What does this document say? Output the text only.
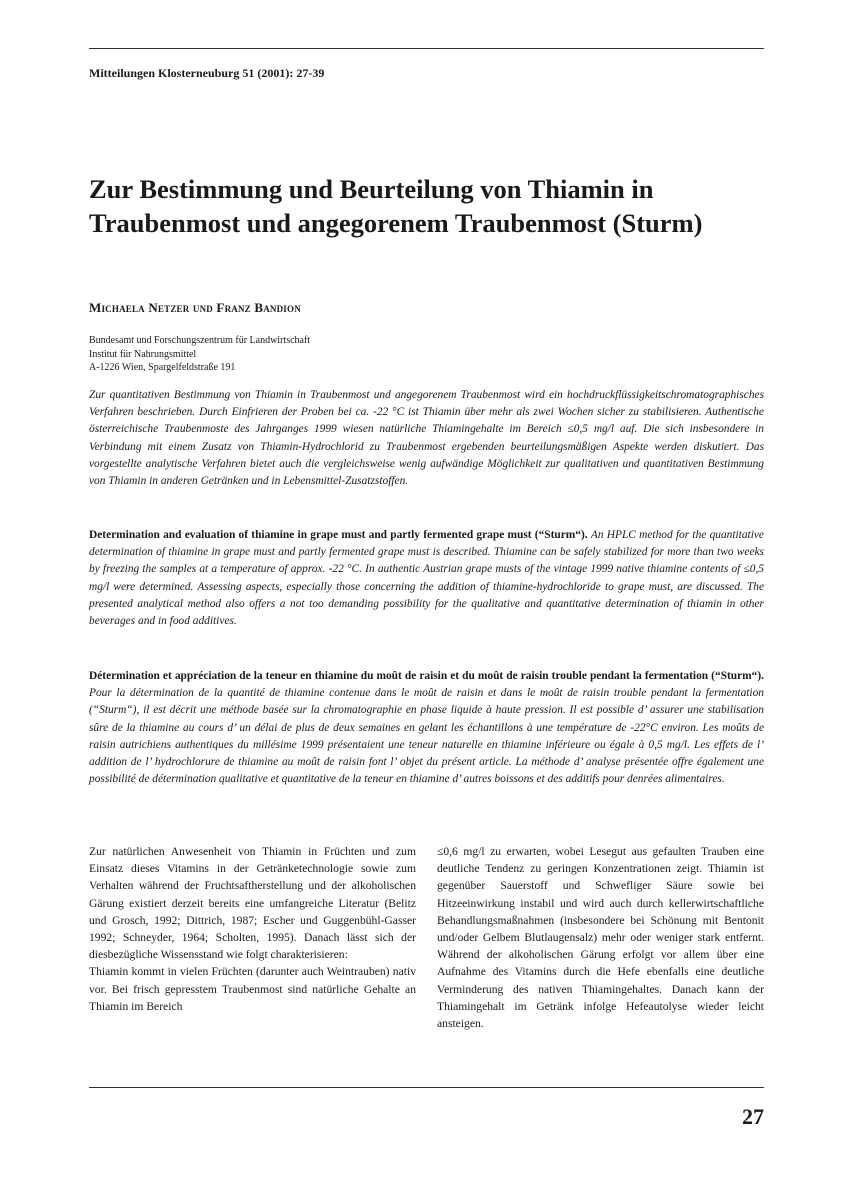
Mitteilungen Klosterneuburg 51 (2001): 27-39
Zur Bestimmung und Beurteilung von Thiamin in
Traubenmost und angegorenem Traubenmost (Sturm)
Michaela Netzer und Franz Bandion
Bundesamt und Forschungszentrum für Landwirtschaft
Institut für Nahrungsmittel
A-1226 Wien, Spargelfeldstraße 191

Zur quantitativen Bestimmung von Thiamin in Traubenmost und angegorenem Traubenmost wird ein hochdruckflüssigkeitschromatographisches Verfahren beschrieben. Durch Einfrieren der Proben bei ca. -22 °C ist Thiamin über mehr als zwei Wochen sicher zu stabilisieren. Authentische österreichische Traubenmoste des Jahrganges 1999 wiesen natürliche Thiamingehalte im Bereich ≤0,5 mg/l auf. Die sich insbesondere in Verbindung mit einem Zusatz von Thiamin-Hydrochlorid zu Traubenmost ergebenden beurteilungsmäßigen Aspekte werden diskutiert. Das vorgestellte analytische Verfahren bietet auch die vergleichsweise wenig aufwändige Möglichkeit zur qualitativen und quantitativen Bestimmung von Thiamin in anderen Getränken und in Lebensmittel-Zusatzstoffen.

Determination and evaluation of thiamine in grape must and partly fermented grape must (“Sturm“). An HPLC method for the quantitative determination of thiamine in grape must and partly fermented grape must is described. Thiamine can be safely stabilized for more than two weeks by freezing the samples at a temperature of approx. -22 °C. In authentic Austrian grape musts of the vintage 1999 native thiamine contents of ≤0,5 mg/l were determined. Assessing aspects, especially those concerning the addition of thiamine-hydrochloride to grape must, are discussed. The presented analytical method also offers a not too demanding possibility for the qualitative and quantitative determination of thiamin in other beverages and in food additives.

Détermination et appréciation de la teneur en thiamine du moût de raisin et du moût de raisin trouble pendant la fermentation (“Sturm“). Pour la détermination de la quantité de thiamine contenue dans le moût de raisin et dans le moût de raisin trouble pendant la fermentation (“Sturm“), il est décrit une méthode basée sur la chromatographie en phase liquide à haute pression. Il est possible d’ assurer une stabilisation sûre de la thiamine au cours d’ un délai de plus de deux semaines en gelant les échantillons à une température de -22°C environ. Les moûts de raisin autrichiens authentiques du millésime 1999 présentaient une teneur naturelle en thiamine inférieure ou égale à 0,5 mg/l. Les effets de l’ addition de l’ hydrochlorure de thiamine au moût de raisin font l’ objet du présent article. La méthode d’ analyse présentée offre également une possibilité de détermination qualitative et quantitative de la teneur en thiamine d’ autres boissons et des additifs pour denrées alimentaires.

Zur natürlichen Anwesenheit von Thiamin in Früchten und zum Einsatz dieses Vitamins in der Getränketechnologie sowie zum Verhalten während der Fruchtsaftherstellung und der alkoholischen Gärung existiert derzeit bereits eine umfangreiche Literatur (Belitz und Grosch, 1992; Dittrich, 1987; Escher und Guggenbühl-Gasser 1992; Schneyder, 1964; Scholten, 1995). Danach lässt sich der diesbezügliche Wissensstand wie folgt charakterisieren:

Thiamin kommt in vielen Früchten (darunter auch Weintrauben) nativ vor. Bei frisch gepresstem Traubenmost sind natürliche Gehalte an Thiamin im Bereich

≤0,6 mg/l zu erwarten, wobei Lesegut aus gefaulten Trauben eine deutliche Tendenz zu geringen Konzentrationen zeigt. Thiamin ist gegenüber Sauerstoff und Schwefliger Säure sowie bei Hitzeeinwirkung instabil und wird auch durch kellerwirtschaftliche Behandlungsmaßnahmen (insbesondere bei Schönung mit Bentonit und/oder Gelbem Blutlaugensalz) mehr oder weniger stark entfernt. Während der alkoholischen Gärung erfolgt vor allem über eine Aufnahme des Vitamins durch die Hefe ebenfalls eine deutliche Verminderung des nativen Thiamingehaltes. Danach kann der Thiamingehalt im Getränk infolge Hefeautolyse wieder leicht ansteigen.

27
